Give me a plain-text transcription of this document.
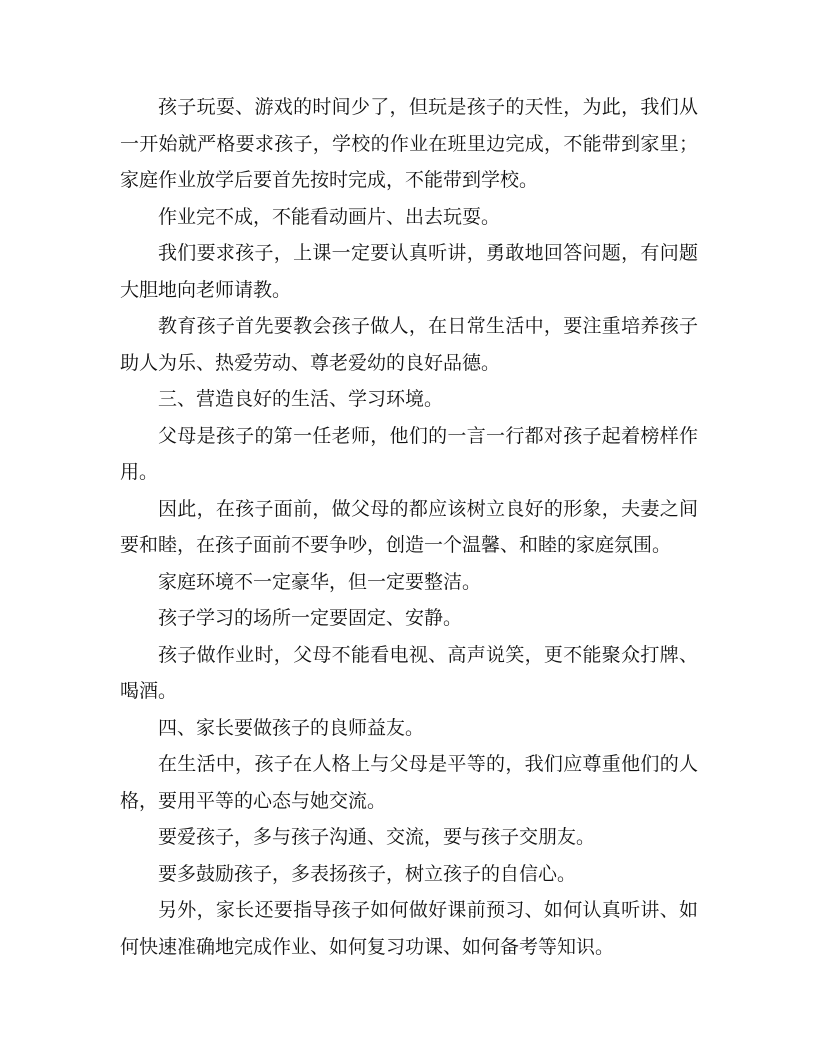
孩子玩耍、游戏的时间少了，但玩是孩子的天性，为此，我们从一开始就严格要求孩子，学校的作业在班里边完成，不能带到家里；家庭作业放学后要首先按时完成，不能带到学校。

作业完不成，不能看动画片、出去玩耍。

我们要求孩子，上课一定要认真听讲，勇敢地回答问题，有问题大胆地向老师请教。

教育孩子首先要教会孩子做人，在日常生活中，要注重培养孩子助人为乐、热爱劳动、尊老爱幼的良好品德。

三、营造良好的生活、学习环境。

父母是孩子的第一任老师，他们的一言一行都对孩子起着榜样作用。

因此，在孩子面前，做父母的都应该树立良好的形象，夫妻之间要和睦，在孩子面前不要争吵，创造一个温馨、和睦的家庭氛围。

家庭环境不一定豪华，但一定要整洁。

孩子学习的场所一定要固定、安静。

孩子做作业时，父母不能看电视、高声说笑，更不能聚众打牌、喝酒。

四、家长要做孩子的良师益友。

在生活中，孩子在人格上与父母是平等的，我们应尊重他们的人格，要用平等的心态与她交流。

要爱孩子，多与孩子沟通、交流，要与孩子交朋友。

要多鼓励孩子，多表扬孩子，树立孩子的自信心。

另外，家长还要指导孩子如何做好课前预习、如何认真听讲、如何快速准确地完成作业、如何复习功课、如何备考等知识。
